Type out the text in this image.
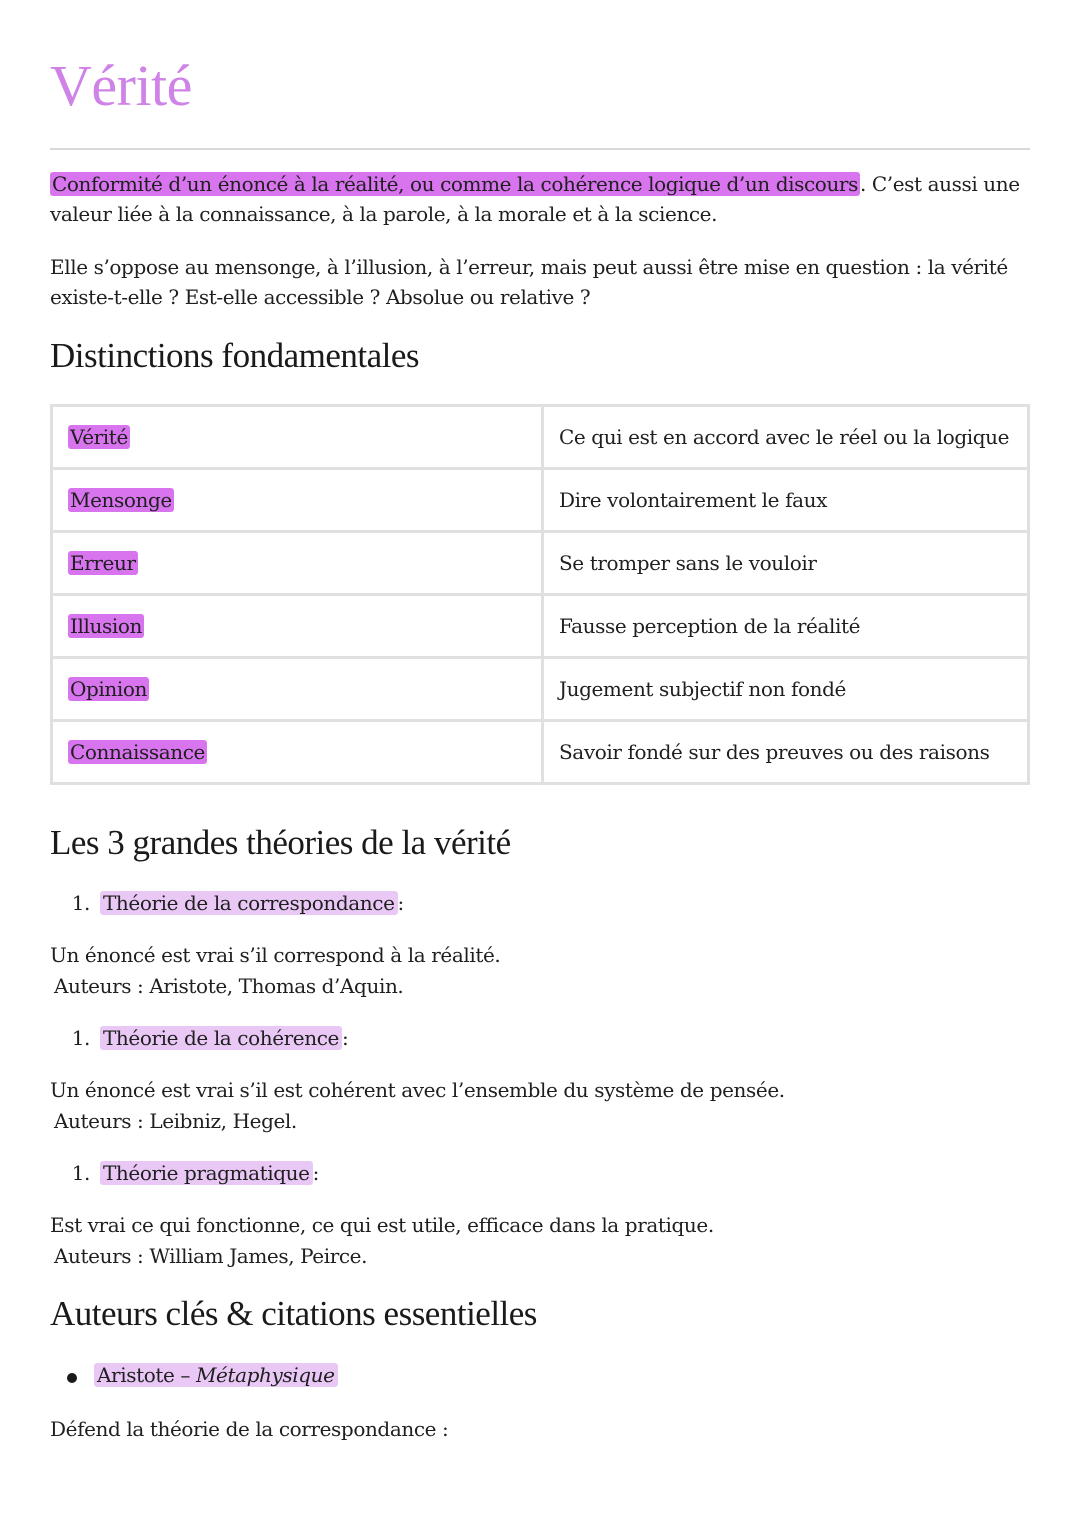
Vérité

Conformité d’un énoncé à la réalité, ou comme la cohérence logique d’un discours . C’est aussi une valeur liée à la connaissance, à la parole, à la morale et à la science.

Elle s’oppose au mensonge, à l’illusion, à l’erreur, mais peut aussi être mise en question : la vérité existe-t-elle ? Est-elle accessible ? Absolue ou relative ?

Distinctions fondamentales
Vérité	Ce qui est en accord avec le réel ou la logique
Mensonge	Dire volontairement le faux
Erreur	Se tromper sans le vouloir
Illusion	Fausse perception de la réalité
Opinion	Jugement subjectif non fondé
Connaissance	Savoir fondé sur des preuves ou des raisons
Les 3 grandes théories de la vérité
1. Théorie de la correspondance :

Un énoncé est vrai s’il correspond à la réalité.

Auteurs : Aristote, Thomas d’Aquin.

1. Théorie de la cohérence :

Un énoncé est vrai s’il est cohérent avec l’ensemble du système de pensée.

Auteurs : Leibniz, Hegel.

1. Théorie pragmatique :

Est vrai ce qui fonctionne, ce qui est utile, efficace dans la pratique.

Auteurs : William James, Peirce.

Auteurs clés & citations essentielles
Aristote – Métaphysique

Défend la théorie de la correspondance :
